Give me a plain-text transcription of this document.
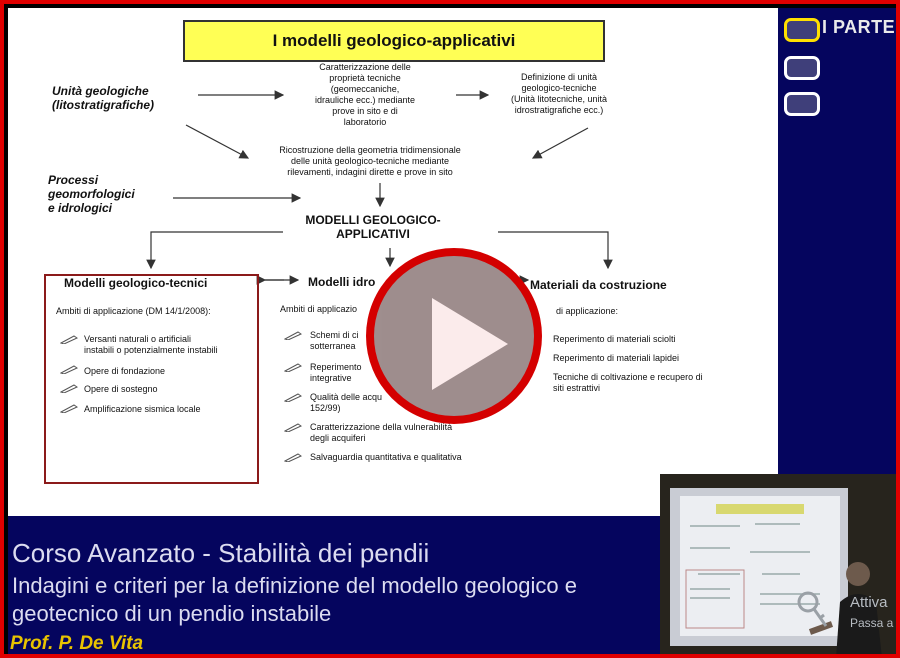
I modelli geologico-applicativi
Unità geologiche
(litostratigrafiche)
Caratterizzazione delle
proprietà tecniche
(geomeccaniche,
idrauliche ecc.) mediante
prove in sito e di
laboratorio
Definizione di unità
geologico-tecniche
(Unità litotecniche, unità
idrostratigrafiche ecc.)
Ricostruzione della geometria tridimensionale
delle unità geologico-tecniche mediante
rilevamenti, indagini dirette e prove in sito
Processi
geomorfologici
e idrologici
MODELLI GEOLOGICO-
APPLICATIVI
Modelli geologico-tecnici
Ambiti di applicazione (DM 14/1/2008):
Versanti naturali o artificiali
instabili o potenzialmente instabili
Opere di fondazione
Opere di sostegno
Amplificazione sismica locale
Modelli idro
Ambiti di applicazio
Schemi di ci
sotterranea
Reperimento
integrative
Qualità delle acqu
152/99)
Caratterizzazione della vulnerabilità
degli acquiferi
Salvaguardia quantitativa e qualitativa
Materiali da costruzione
di applicazione:
Reperimento di materiali sciolti
Reperimento di materiali lapidei
Tecniche di coltivazione e recupero di
siti estrattivi
I PARTE
Corso Avanzato - Stabilità dei pendii
Indagini e criteri per la definizione del modello geologico e geotecnico di un pendio instabile
Prof. P. De Vita
Attiva
Passa a
